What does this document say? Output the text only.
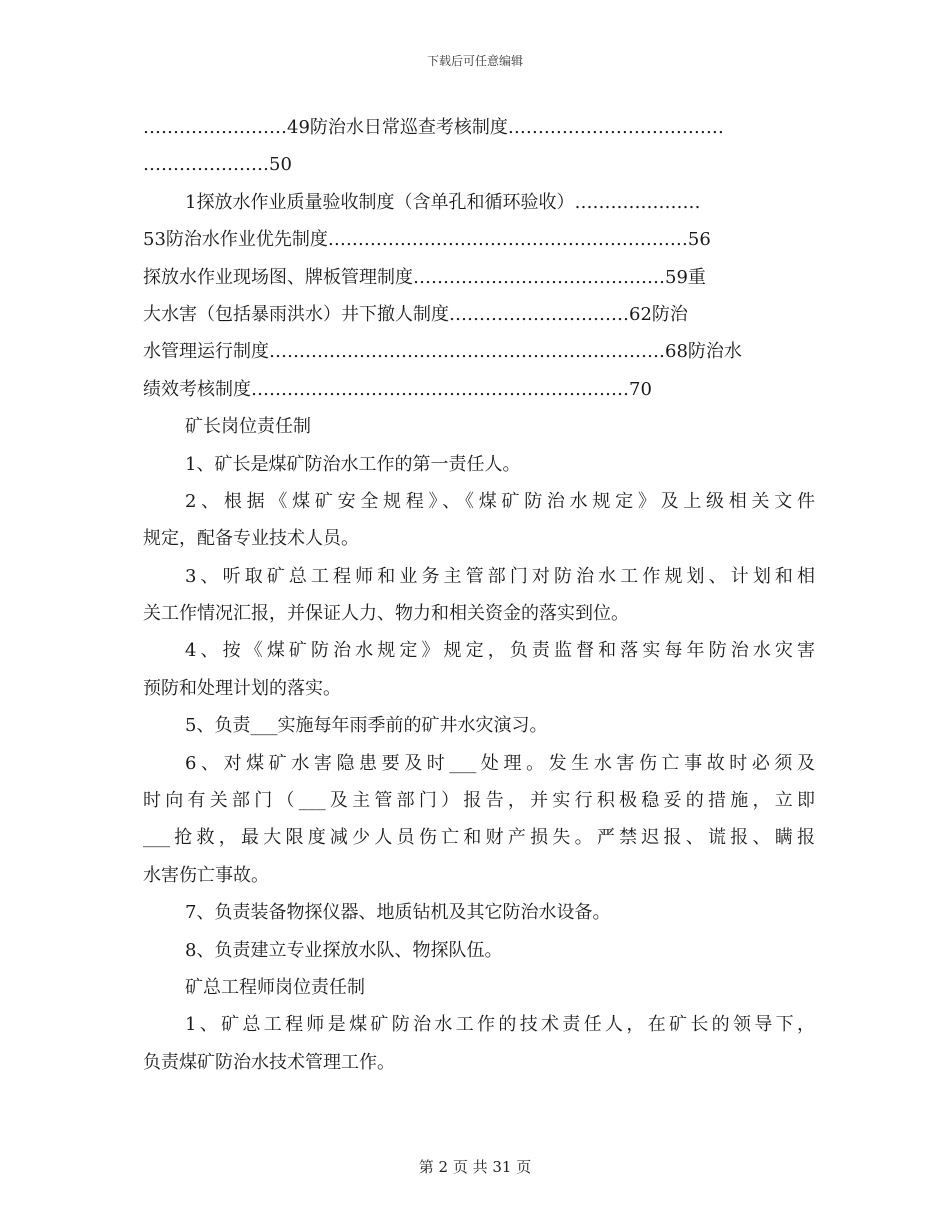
下载后可任意编辑
……………………49防治水日常巡查考核制度………………………………
…………………50
1探放水作业质量验收制度（含单孔和循环验收）…………………
53防治水作业优先制度……………………………………………………56
探放水作业现场图、牌板管理制度……………………………………59重
大水害（包括暴雨洪水）井下撤人制度…………………………62防治
水管理运行制度…………………………………………………………68防治水
绩效考核制度………………………………………………………70
矿长岗位责任制
1、矿长是煤矿防治水工作的第一责任人。
2、根据《煤矿安全规程》、《煤矿防治水规定》及上级相关文件
规定，配备专业技术人员。
3、听取矿总工程师和业务主管部门对防治水工作规划、计划和相
关工作情况汇报，并保证人力、物力和相关资金的落实到位。
4、按《煤矿防治水规定》规定，负责监督和落实每年防治水灾害
预防和处理计划的落实。
5、负责___实施每年雨季前的矿井水灾演习。
6、对煤矿水害隐患要及时___处理。发生水害伤亡事故时必须及
时向有关部门（___及主管部门）报告，并实行积极稳妥的措施，立即
___抢救，最大限度减少人员伤亡和财产损失。严禁迟报、谎报、瞒报
水害伤亡事故。
7、负责装备物探仪器、地质钻机及其它防治水设备。
8、负责建立专业探放水队、物探队伍。
矿总工程师岗位责任制
1、矿总工程师是煤矿防治水工作的技术责任人，在矿长的领导下，
负责煤矿防治水技术管理工作。
第 2 页 共 31 页
